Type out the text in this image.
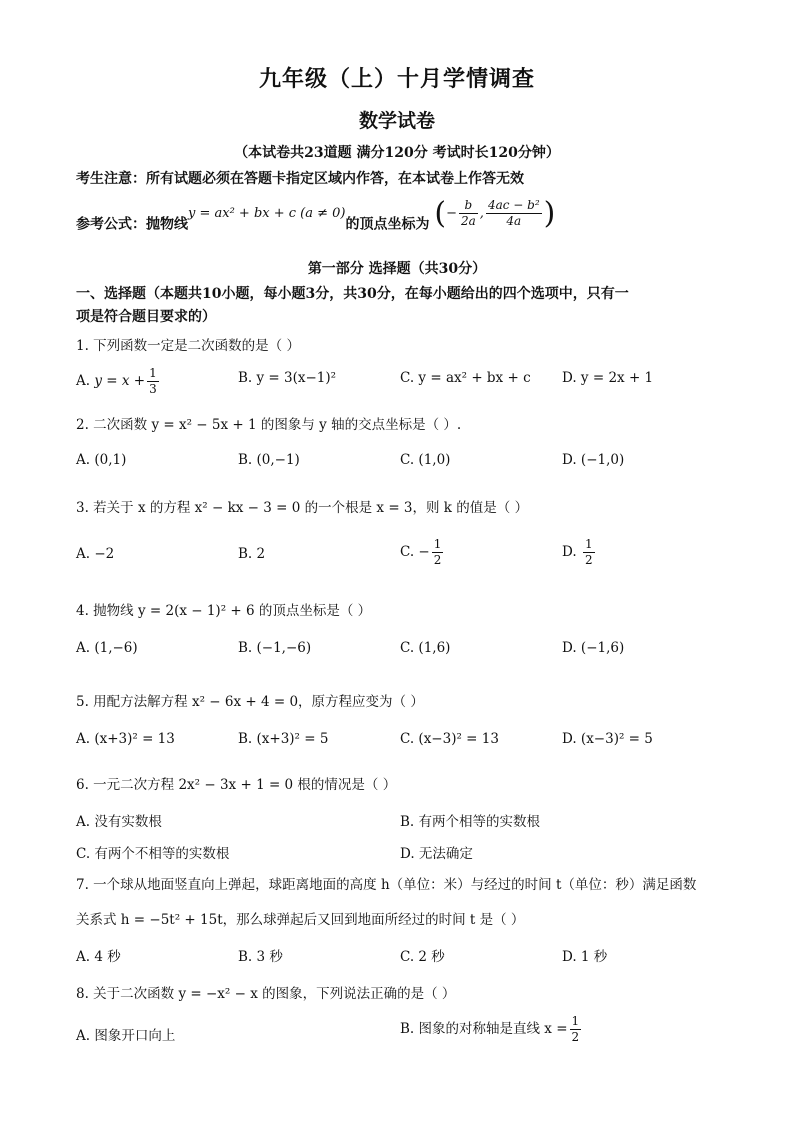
九年级（上）十月学情调查
数学试卷
（本试卷共23道题 满分120分 考试时长120分钟）
考生注意：所有试题必须在答题卡指定区域内作答，在本试卷上作答无效
参考公式：抛物线y = ax² + bx + c (a ≠ 0)的顶点坐标为 (− $\frac{b}{2a}$ , $\frac{\text{4ac − b²}}{4a}$ )
第一部分 选择题（共30分）
一、选择题（本题共10小题，每小题3分，共30分，在每小题给出的四个选项中，只有一
项是符合题目要求的）
1. 下列函数一定是二次函数的是（ ）
A. $y = x + \frac{1}{3}$	B. y = 3(x−1)²	C. y = ax² + bx + c D. y = 2x + 1
2. 二次函数 y = x² − 5x + 1 的图象与 y 轴的交点坐标是（ ）.
A. (0,1)	B. (0,−1)	C. (1,0)	D. (−1,0)
3. 若关于 x 的方程 x² − kx − 3 = 0 的一个根是 x = 3，则 k 的值是（ ）
A. −2	B. 2	C. − $\frac{1}{2}$	D. $\frac{1}{2}$
4. 抛物线 y = 2(x − 1)² + 6 的顶点坐标是（ ）
A. (1,−6)	B. (−1,−6)	C. (1,6)	D. (−1,6)
5. 用配方法解方程 x² − 6x + 4 = 0，原方程应变为（ ）
A. (x+3)² = 13	B. (x+3)² = 5	C. (x−3)² = 13	D. (x−3)² = 5
6. 一元二次方程 2x² − 3x + 1 = 0 根的情况是（ ）
A. 没有实数根	B. 有两个相等的实数根
C. 有两个不相等的实数根	D. 无法确定
7. 一个球从地面竖直向上弹起，球距离地面的高度 h（单位：米）与经过的时间 t（单位：秒）满足函数
关系式 h = −5t² + 15t，那么球弹起后又回到地面所经过的时间 t 是（ ）
A. 4 秒	B. 3 秒	C. 2 秒	D. 1 秒
8. 关于二次函数 y = −x² − x 的图象，下列说法正确的是（ ）
A. 图象开口向上	B. 图象的对称轴是直线 $x = \frac{1}{2}$
